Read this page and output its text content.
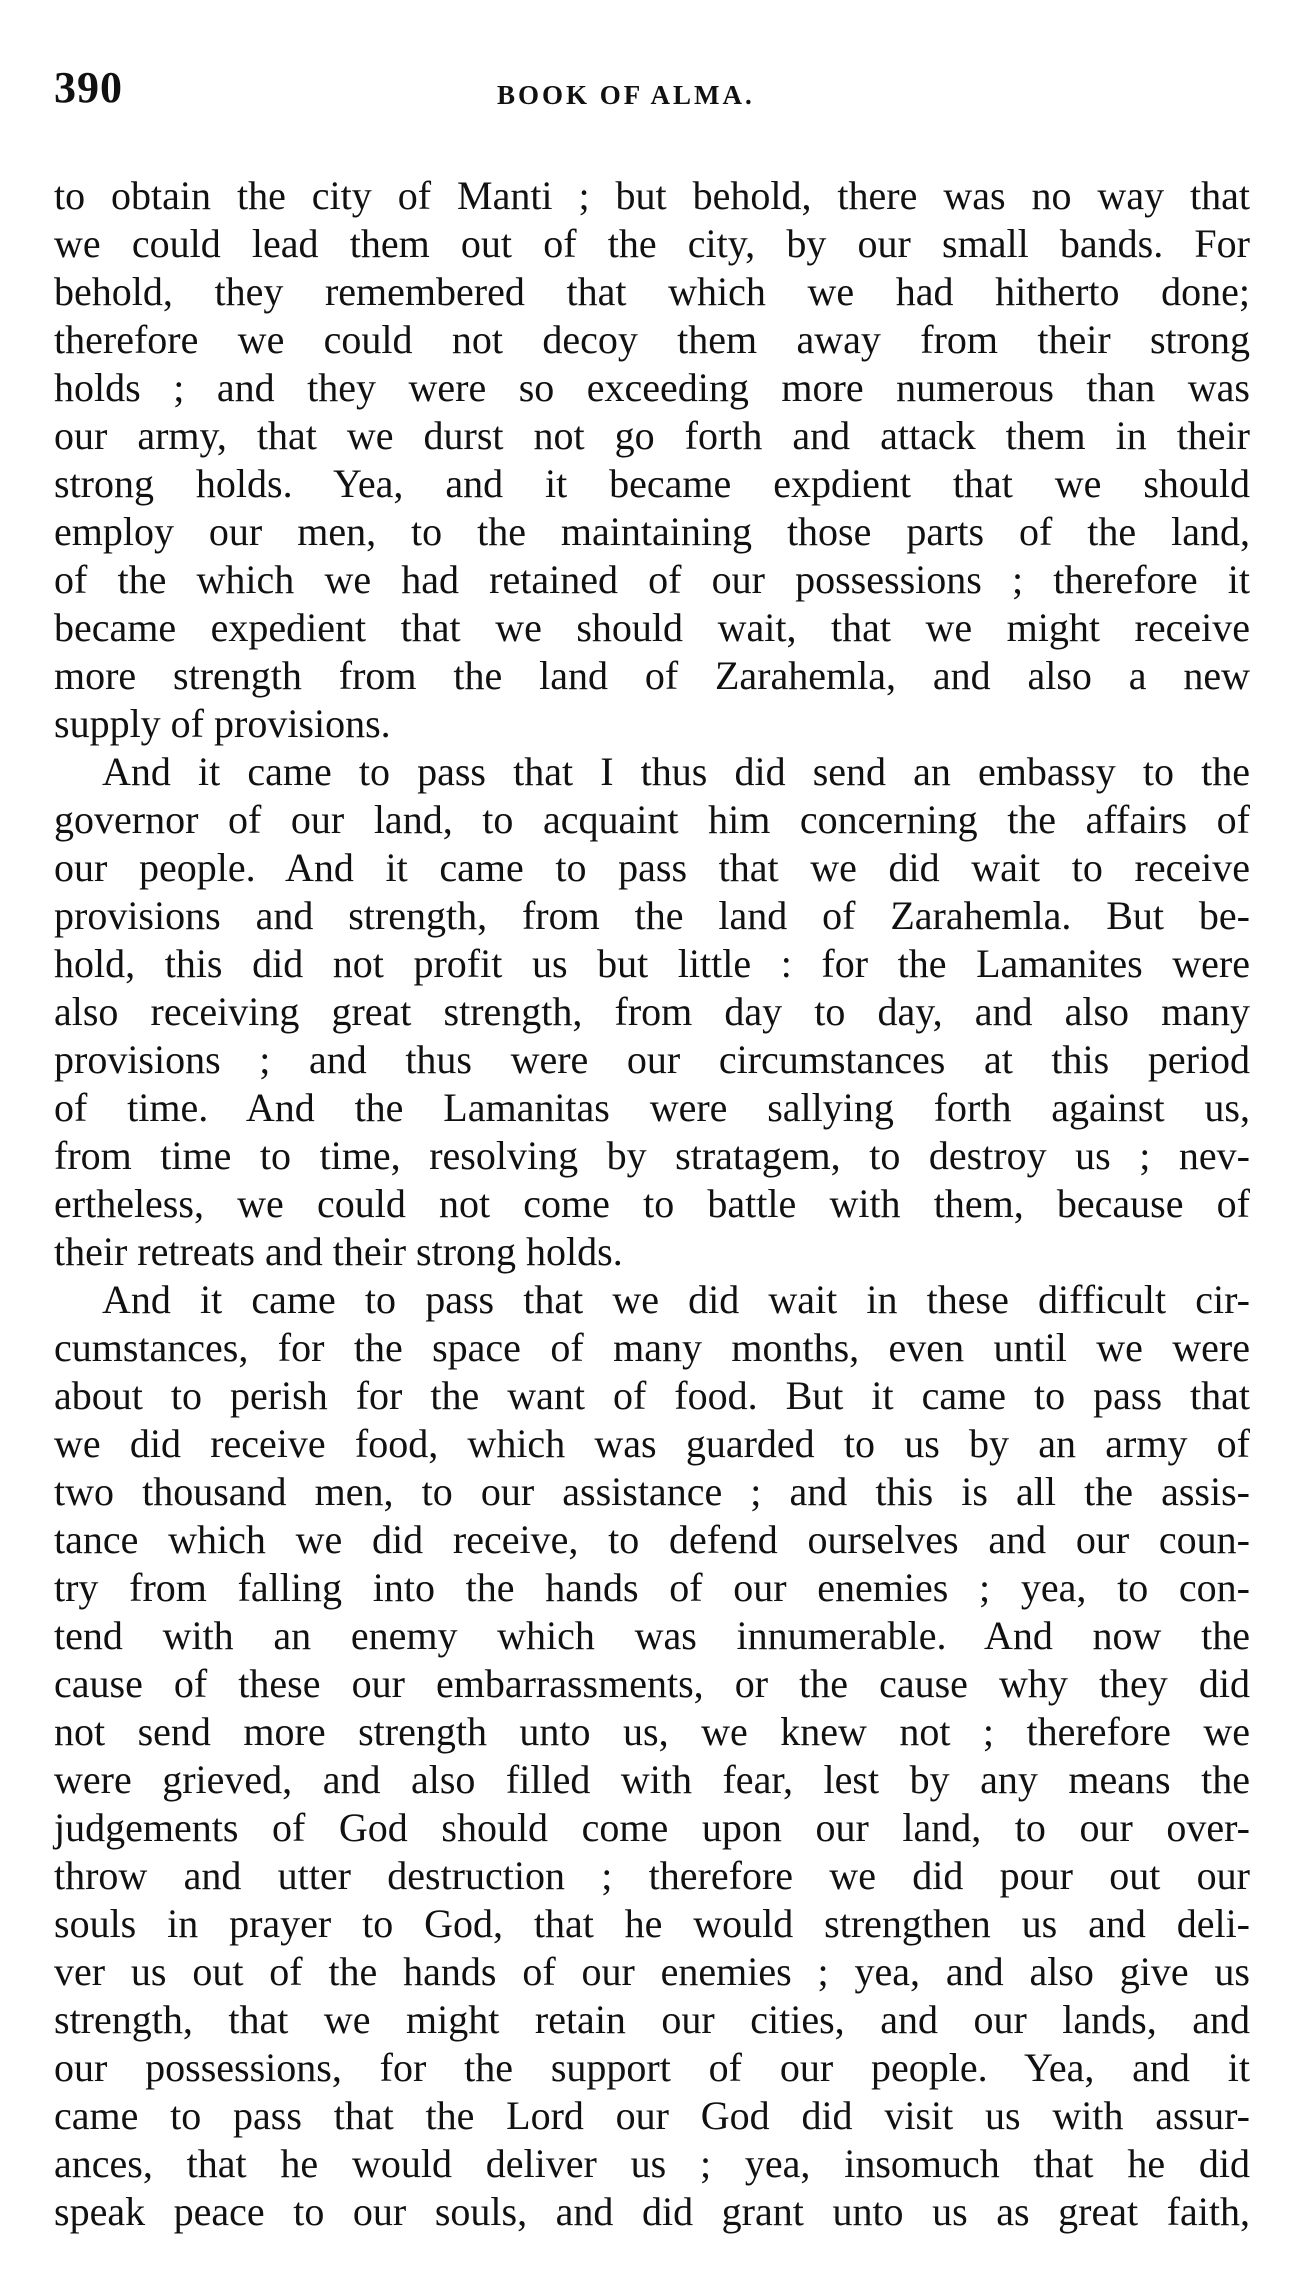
390	BOOK OF ALMA.
to obtain the city of Manti ; but behold, there was no way that
we could lead them out of the city, by our small bands. For
behold, they remembered that which we had hitherto done;
therefore we could not decoy them away from their strong
holds ; and they were so exceeding more numerous than was
our army, that we durst not go forth and attack them in their
strong holds. Yea, and it became expdient that we should
employ our men, to the maintaining those parts of the land,
of the which we had retained of our possessions ; therefore it
became expedient that we should wait, that we might receive
more strength from the land of Zarahemla, and also a new
supply of provisions.
And it came to pass that I thus did send an embassy to the
governor of our land, to acquaint him concerning the affairs of
our people. And it came to pass that we did wait to receive
provisions and strength, from the land of Zarahemla. But be-
hold, this did not profit us but little : for the Lamanites were
also receiving great strength, from day to day, and also many
provisions ; and thus were our circumstances at this period
of time. And the Lamanitas were sallying forth against us,
from time to time, resolving by stratagem, to destroy us ; nev-
ertheless, we could not come to battle with them, because of
their retreats and their strong holds.
And it came to pass that we did wait in these difficult cir-
cumstances, for the space of many months, even until we were
about to perish for the want of food. But it came to pass that
we did receive food, which was guarded to us by an army of
two thousand men, to our assistance ; and this is all the assis-
tance which we did receive, to defend ourselves and our coun-
try from falling into the hands of our enemies ; yea, to con-
tend with an enemy which was innumerable. And now the
cause of these our embarrassments, or the cause why they did
not send more strength unto us, we knew not ; therefore we
were grieved, and also filled with fear, lest by any means the
judgements of God should come upon our land, to our over-
throw and utter destruction ; therefore we did pour out our
souls in prayer to God, that he would strengthen us and deli-
ver us out of the hands of our enemies ; yea, and also give us
strength, that we might retain our cities, and our lands, and
our possessions, for the support of our people. Yea, and it
came to pass that the Lord our God did visit us with assur-
ances, that he would deliver us ; yea, insomuch that he did
speak peace to our souls, and did grant unto us as great faith,
